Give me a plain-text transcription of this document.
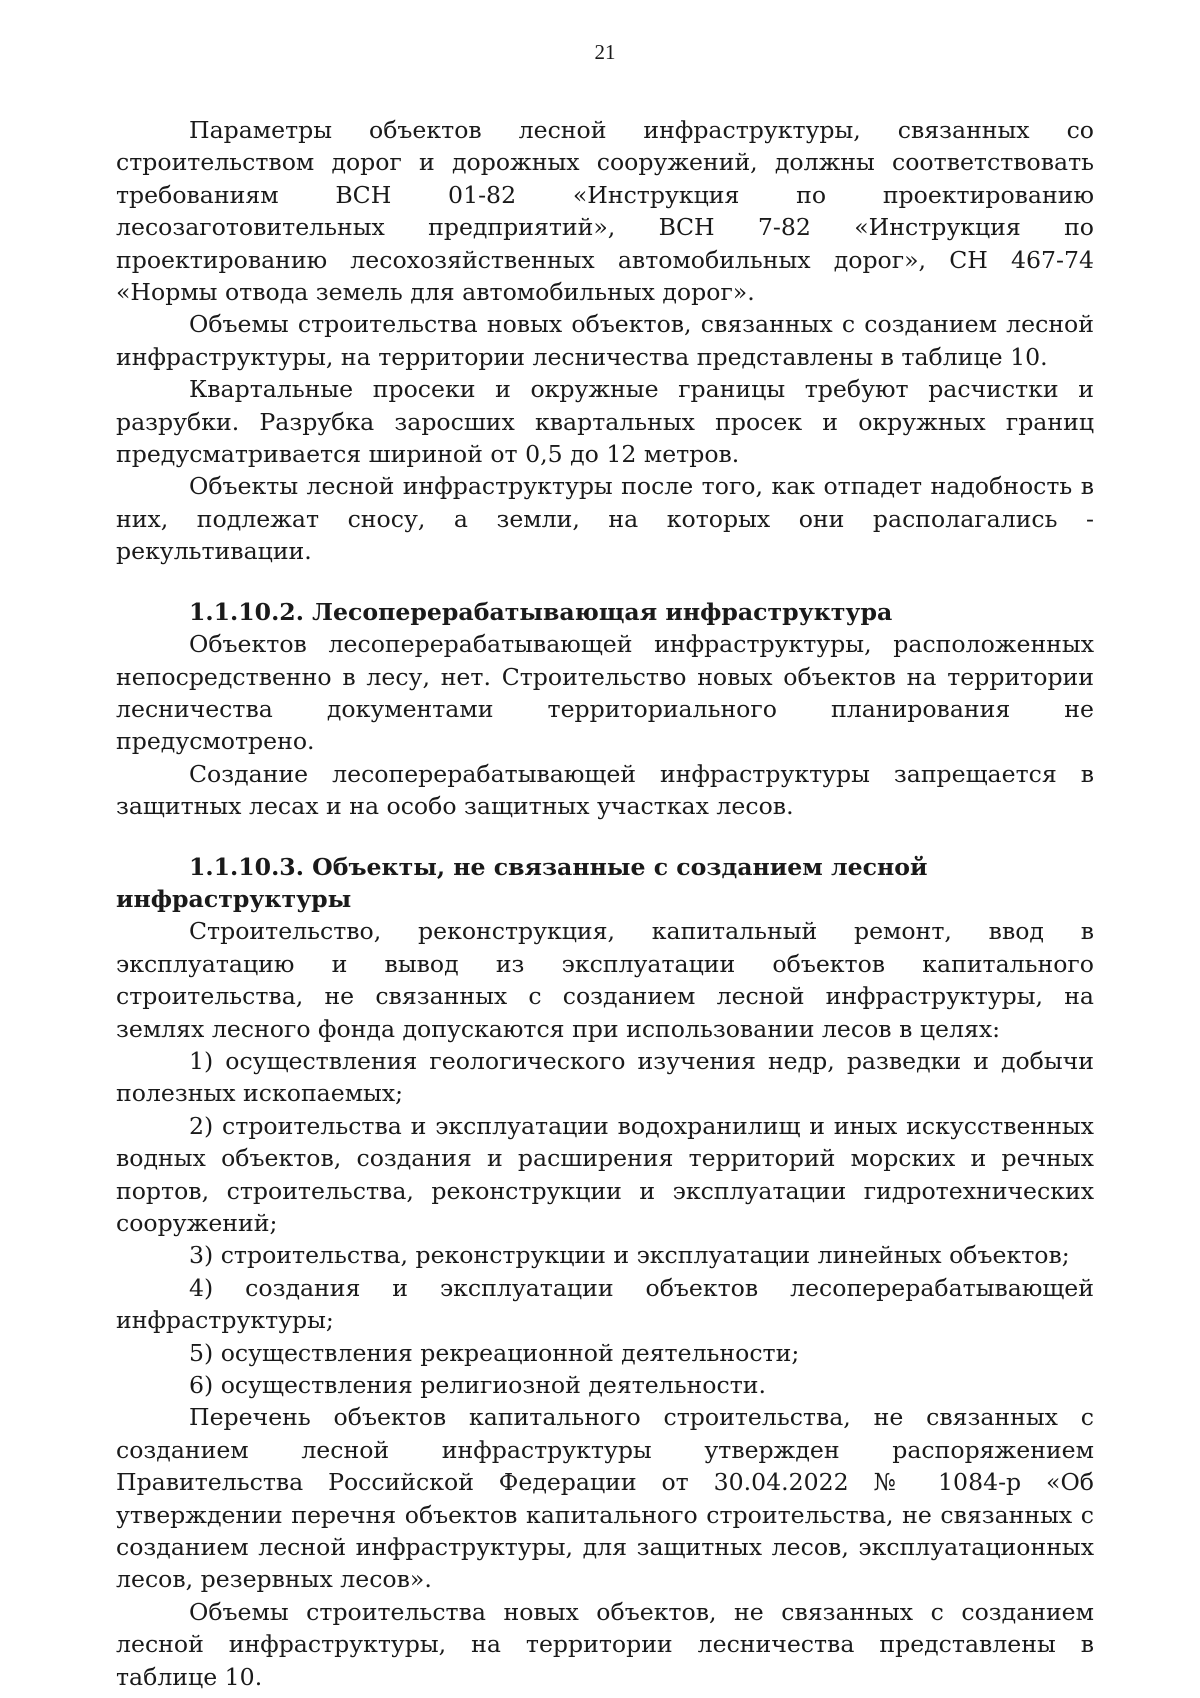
21

Параметры объектов лесной инфраструктуры, связанных со строительством дорог и дорожных сооружений, должны соответствовать требованиям ВСН 01-82 «Инструкция по проектированию лесозаготовительных предприятий», ВСН 7-82 «Инструкция по проектированию лесохозяйственных автомобильных дорог», СН 467-74 «Нормы отвода земель для автомобильных дорог».

Объемы строительства новых объектов, связанных с созданием лесной инфраструктуры, на территории лесничества представлены в таблице 10.

Квартальные просеки и окружные границы требуют расчистки и разрубки. Разрубка заросших квартальных просек и окружных границ предусматривается шириной от 0,5 до 12 метров.

Объекты лесной инфраструктуры после того, как отпадет надобность в них, подлежат сносу, а земли, на которых они располагались - рекультивации.

1.1.10.2. Лесоперерабатывающая инфраструктура

Объектов лесоперерабатывающей инфраструктуры, расположенных непосредственно в лесу, нет. Строительство новых объектов на территории лесничества документами территориального планирования не предусмотрено.

Создание лесоперерабатывающей инфраструктуры запрещается в защитных лесах и на особо защитных участках лесов.

1.1.10.3. Объекты, не связанные с созданием лесной инфраструктуры

Строительство, реконструкция, капитальный ремонт, ввод в эксплуатацию и вывод из эксплуатации объектов капитального строительства, не связанных с созданием лесной инфраструктуры, на землях лесного фонда допускаются при использовании лесов в целях:

1) осуществления геологического изучения недр, разведки и добычи полезных ископаемых;

2) строительства и эксплуатации водохранилищ и иных искусственных водных объектов, создания и расширения территорий морских и речных портов, строительства, реконструкции и эксплуатации гидротехнических сооружений;

3) строительства, реконструкции и эксплуатации линейных объектов;

4) создания и эксплуатации объектов лесоперерабатывающей инфраструктуры;

5) осуществления рекреационной деятельности;

6) осуществления религиозной деятельности.

Перечень объектов капитального строительства, не связанных с созданием лесной инфраструктуры утвержден распоряжением Правительства Российской Федерации от 30.04.2022 № 1084-р «Об утверждении перечня объектов капитального строительства, не связанных с созданием лесной инфраструктуры, для защитных лесов, эксплуатационных лесов, резервных лесов».

Объемы строительства новых объектов, не связанных с созданием лесной инфраструктуры, на территории лесничества представлены в таблице 10.
